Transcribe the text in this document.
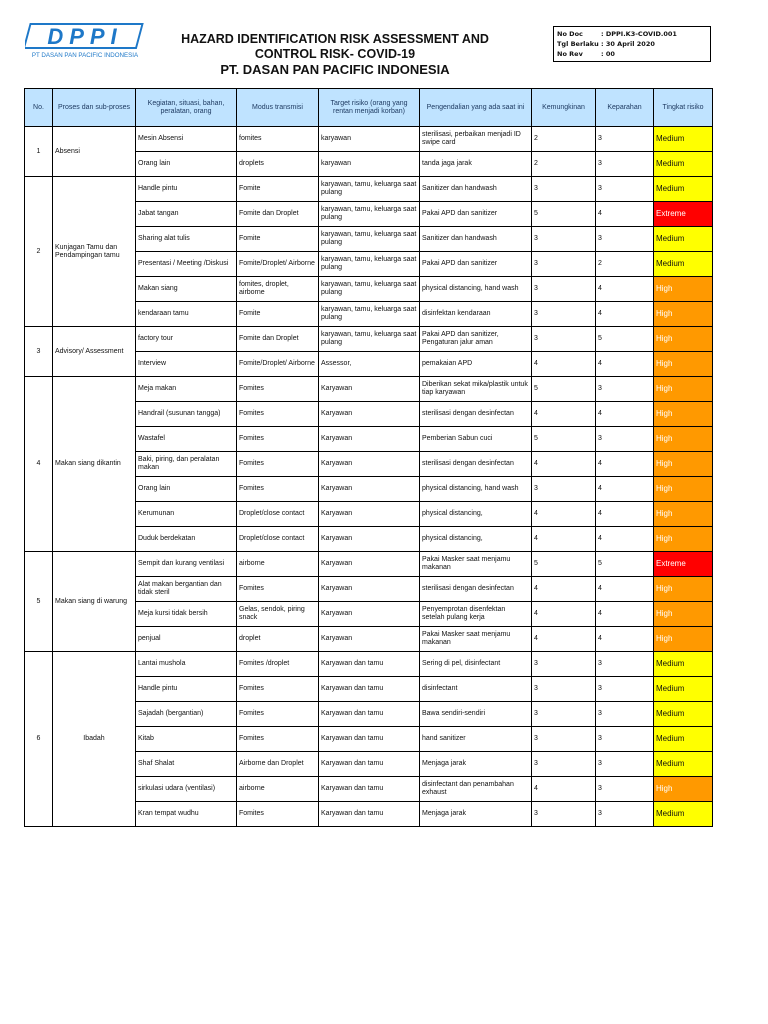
DPPI
PT DASAN PAN PACIFIC INDONESIA
HAZARD IDENTIFICATION RISK ASSESSMENT AND
CONTROL RISK- COVID-19
PT. DASAN PAN PACIFIC INDONESIA
No Doc	: DPPI.K3-COVID.001
Tgl Berlaku : 30 April 2020
No Rev	: 00
No.	Proses dan sub-proses	Kegiatan, situasi, bahan, peralatan, orang	Modus transmisi	Target risiko (orang yang rentan menjadi korban)	Pengendalian yang ada saat ini	Kemungkinan	Keparahan	Tingkat risiko
1	Absensi	Mesin Absensi	fomites	karyawan	sterilisasi, perbaikan menjadi ID swipe card	2	3	Medium
		Orang lain	droplets	karyawan	tanda jaga jarak	2	3	Medium
2	Kunjagan Tamu dan Pendampingan tamu	Handle pintu	Fomite	karyawan, tamu, keluarga saat pulang	Sanitizer dan handwash	3	3	Medium
		Jabat tangan	Fomite dan Droplet	karyawan, tamu, keluarga saat pulang	Pakai APD dan sanitizer	5	4	Extreme
		Sharing alat tulis	Fomite	karyawan, tamu, keluarga saat pulang	Sanitizer dan handwash	3	3	Medium
		Presentasi / Meeting /Diskusi	Fomite/Droplet/ Airborne	karyawan, tamu, keluarga saat pulang	Pakai APD dan sanitizer	3	2	Medium
		Makan siang	fomites, droplet, airborne	karyawan, tamu, keluarga saat pulang	physical distancing, hand wash	3	4	High
		kendaraan tamu	Fomite	karyawan, tamu, keluarga saat pulang	disinfektan kendaraan	3	4	High
3	Advisory/ Assessment	factory tour	Fomite dan Droplet	karyawan, tamu, keluarga saat pulang	Pakai APD dan sanitizer, Pengaturan jalur aman	3	5	High
		Interview	Fomite/Droplet/ Airborne	Assessor,	pemakaian APD	4	4	High
4	Makan siang dikantin	Meja makan	Fomites	Karyawan	Diberikan sekat mika/plastik untuk tiap karyawan	5	3	High
		Handrail (susunan tangga)	Fomites	Karyawan	sterilisasi dengan desinfectan	4	4	High
		Wastafel	Fomites	Karyawan	Pemberian Sabun cuci	5	3	High
		Baki, piring, dan peralatan makan	Fomites	Karyawan	sterilisasi dengan desinfectan	4	4	High
		Orang lain	Fomites	Karyawan	physical distancing, hand wash	3	4	High
		Kerumunan	Droplet/close contact	Karyawan	physical distancing,	4	4	High
		Duduk berdekatan	Droplet/close contact	Karyawan	physical distancing,	4	4	High
5	Makan siang di warung	Sempit dan kurang ventilasi	airborne	Karyawan	Pakai Masker saat menjamu makanan	5	5	Extreme
		Alat makan bergantian dan tidak steril	Fomites	Karyawan	sterilisasi dengan desinfectan	4	4	High
		Meja kursi tidak bersih	Gelas, sendok, piring snack	Karyawan	Penyemprotan disenfektan setelah pulang kerja	4	4	High
		penjual	droplet	Karyawan	Pakai Masker saat menjamu makanan	4	4	High
6	Ibadah	Lantai mushola	Fomites /droplet	Karyawan dan tamu	Sering di pel, disinfectant	3	3	Medium
		Handle pintu	Fomites	Karyawan dan tamu	disinfectant	3	3	Medium
		Sajadah (bergantian)	Fomites	Karyawan dan tamu	Bawa sendiri-sendiri	3	3	Medium
		Kitab	Fomites	Karyawan dan tamu	hand sanitizer	3	3	Medium
		Shaf Shalat	Airborne dan Droplet	Karyawan dan tamu	Menjaga jarak	3	3	Medium
		sirkulasi udara (ventilasi)	airborne	Karyawan dan tamu	disinfectant dan penambahan exhaust	4	3	High
		Kran tempat wudhu	Fomites	Karyawan dan tamu	Menjaga jarak	3	3	Medium
